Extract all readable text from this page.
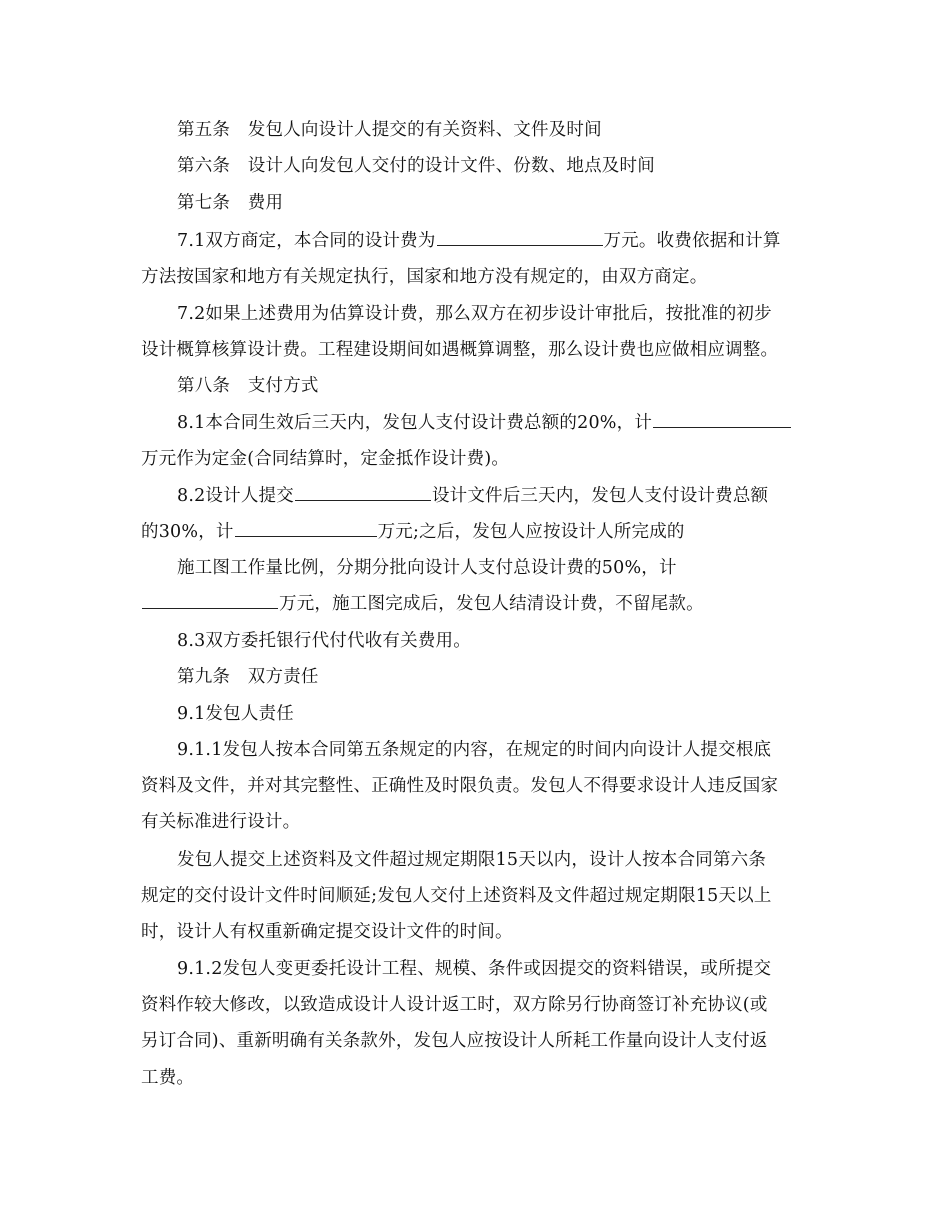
第五条　发包人向设计人提交的有关资料、文件及时间
第六条　设计人向发包人交付的设计文件、份数、地点及时间
第七条　费用
7.1双方商定，本合同的设计费为	万元。收费依据和计算
方法按国家和地方有关规定执行，国家和地方没有规定的，由双方商定。
7.2如果上述费用为估算设计费，那么双方在初步设计审批后，按批准的初步
设计概算核算设计费。工程建设期间如遇概算调整，那么设计费也应做相应调整。
第八条　支付方式
8.1本合同生效后三天内，发包人支付设计费总额的20%，计
万元作为定金(合同结算时，定金抵作设计费)。
8.2设计人提交	设计文件后三天内，发包人支付设计费总额
的30%，计	万元;之后，发包人应按设计人所完成的
施工图工作量比例，分期分批向设计人支付总设计费的50%，计
万元，施工图完成后，发包人结清设计费，不留尾款。
8.3双方委托银行代付代收有关费用。
第九条　双方责任
9.1发包人责任
9.1.1发包人按本合同第五条规定的内容，在规定的时间内向设计人提交根底
资料及文件，并对其完整性、正确性及时限负责。发包人不得要求设计人违反国家
有关标准进行设计。
发包人提交上述资料及文件超过规定期限15天以内，设计人按本合同第六条
规定的交付设计文件时间顺延;发包人交付上述资料及文件超过规定期限15天以上
时，设计人有权重新确定提交设计文件的时间。
9.1.2发包人变更委托设计工程、规模、条件或因提交的资料错误，或所提交
资料作较大修改，以致造成设计人设计返工时，双方除另行协商签订补充协议(或
另订合同)、重新明确有关条款外，发包人应按设计人所耗工作量向设计人支付返
工费。
